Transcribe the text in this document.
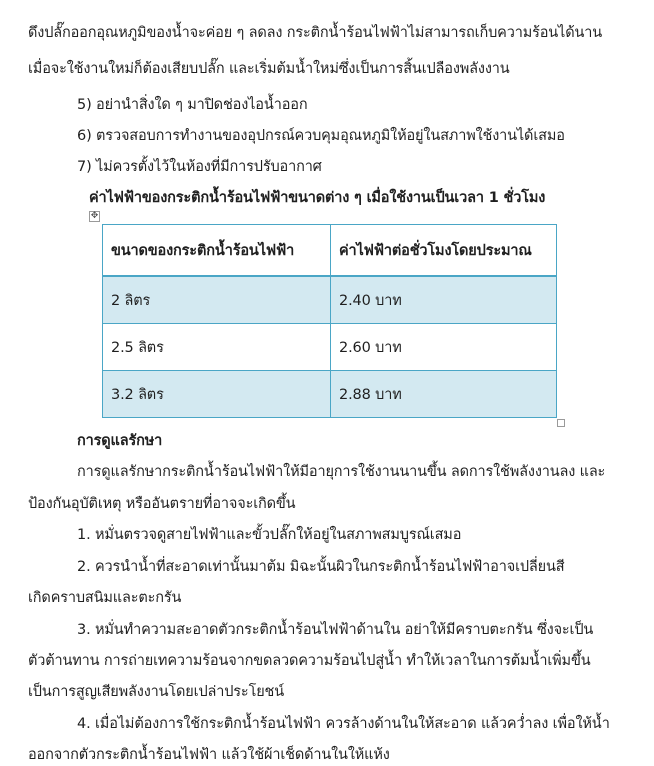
ดึงปลั๊กออกอุณหภูมิของน้ำจะค่อย ๆ ลดลง กระติกน้ำร้อนไฟฟ้าไม่สามารถเก็บความร้อนได้นาน
เมื่อจะใช้งานใหม่ก็ต้องเสียบปลั๊ก และเริ่มต้มน้ำใหม่ซึ่งเป็นการสิ้นเปลืองพลังงาน
5) อย่านำสิ่งใด ๆ มาปิดช่องไอน้ำออก
6) ตรวจสอบการทำงานของอุปกรณ์ควบคุมอุณหภูมิให้อยู่ในสภาพใช้งานได้เสมอ
7) ไม่ควรตั้งไว้ในห้องที่มีการปรับอากาศ
ค่าไฟฟ้าของกระติกน้ำร้อนไฟฟ้าขนาดต่าง ๆ เมื่อใช้งานเป็นเวลา 1 ชั่วโมง
✥
ขนาดของกระติกน้ำร้อนไฟฟ้า	ค่าไฟฟ้าต่อชั่วโมงโดยประมาณ
2 ลิตร	2.40 บาท
2.5 ลิตร	2.60 บาท
3.2 ลิตร	2.88 บาท
การดูแลรักษา
การดูแลรักษากระติกน้ำร้อนไฟฟ้าให้มีอายุการใช้งานนานขึ้น ลดการใช้พลังงานลง และ
ป้องกันอุบัติเหตุ หรืออันตรายที่อาจจะเกิดขึ้น
1. หมั่นตรวจดูสายไฟฟ้าและขั้วปลั๊กให้อยู่ในสภาพสมบูรณ์เสมอ
2. ควรนำน้ำที่สะอาดเท่านั้นมาต้ม มิฉะนั้นผิวในกระติกน้ำร้อนไฟฟ้าอาจเปลี่ยนสี
เกิดคราบสนิมและตะกรัน
3. หมั่นทำความสะอาดตัวกระติกน้ำร้อนไฟฟ้าด้านใน อย่าให้มีคราบตะกรัน ซึ่งจะเป็น
ตัวต้านทาน การถ่ายเทความร้อนจากขดลวดความร้อนไปสู่น้ำ ทำให้เวลาในการต้มน้ำเพิ่มขึ้น
เป็นการสูญเสียพลังงานโดยเปล่าประโยชน์
4. เมื่อไม่ต้องการใช้กระติกน้ำร้อนไฟฟ้า ควรล้างด้านในให้สะอาด แล้วคว่ำลง เพื่อให้น้ำ
ออกจากตัวกระติกน้ำร้อนไฟฟ้า แล้วใช้ผ้าเช็ดด้านในให้แห้ง
